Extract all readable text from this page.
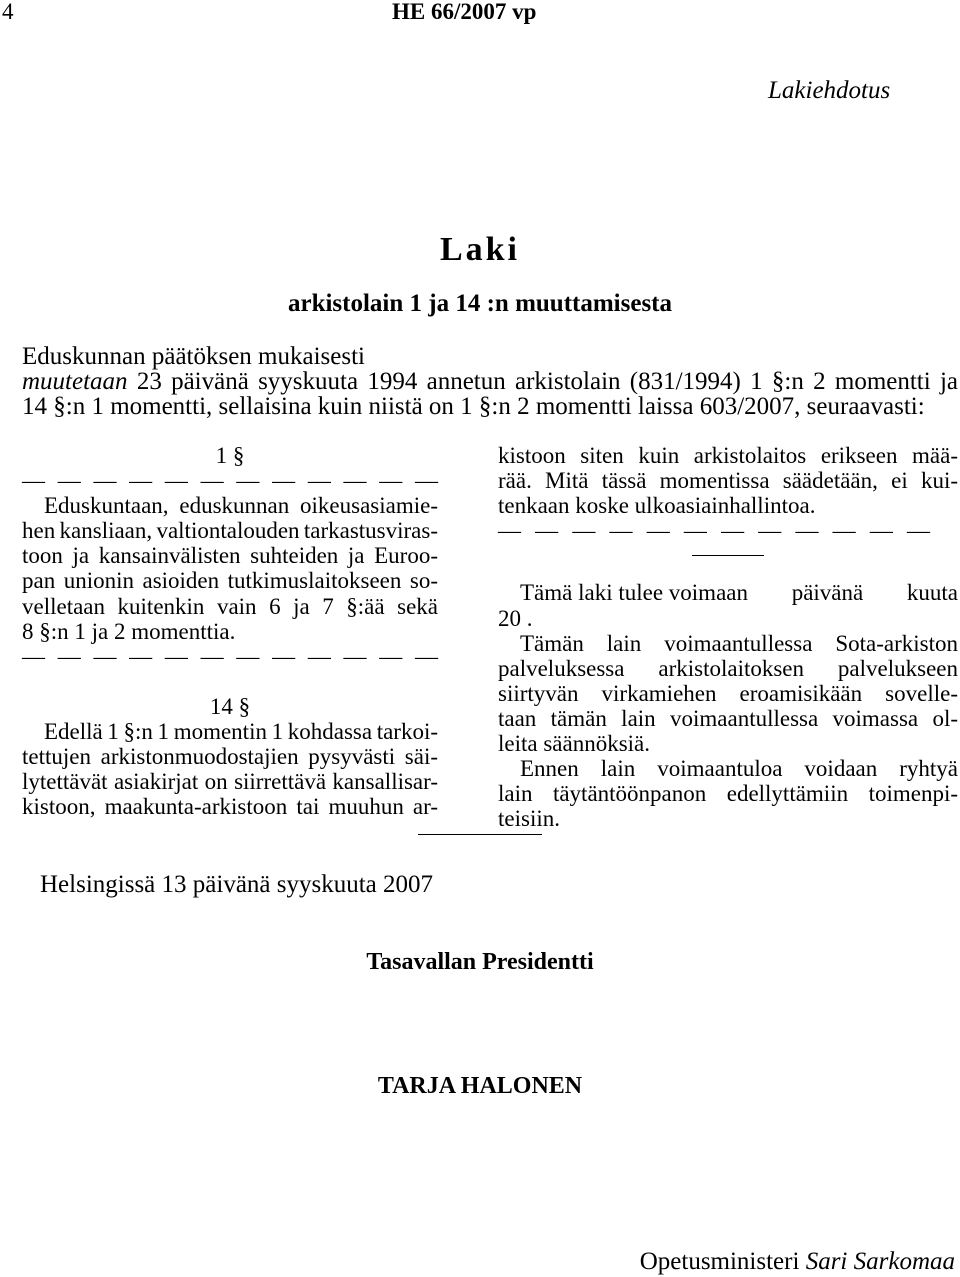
4	HE 66/2007 vp
Lakiehdotus
Laki
arkistolain 1 ja 14 :n muuttamisesta
Eduskunnan päätöksen mukaisesti
muutetaan 23 päivänä syyskuuta 1994 annetun arkistolain (831/1994) 1 §:n 2 momentti ja
14 §:n 1 momentti, sellaisina kuin niistä on 1 §:n 2 momentti laissa 603/2007, seuraavasti:
1 §
— — — — — — — — — — — —
Eduskuntaan, eduskunnan oikeusasiamie-
hen kansliaan, valtiontalouden tarkastusviras-
toon ja kansainvälisten suhteiden ja Euroo-
pan unionin asioiden tutkimuslaitokseen so-
velletaan kuitenkin vain 6 ja 7 §:ää sekä
8 §:n 1 ja 2 momenttia.
— — — — — — — — — — — —
14 §
Edellä 1 §:n 1 momentin 1 kohdassa tarkoi-
tettujen arkistonmuodostajien pysyvästi säi-
lytettävät asiakirjat on siirrettävä kansallisar-
kistoon, maakunta-arkistoon tai muuhun ar-
kistoon siten kuin arkistolaitos erikseen mää-
rää. Mitä tässä momentissa säädetään, ei kui-
tenkaan koske ulkoasiainhallintoa.
— — — — — — — — — — — —
Tämä laki tulee voimaan päivänä kuuta
20 .
Tämän lain voimaantullessa Sota-arkiston
palveluksessa arkistolaitoksen palvelukseen
siirtyvän virkamiehen eroamisikään sovelle-
taan tämän lain voimaantullessa voimassa ol-
leita säännöksiä.
Ennen lain voimaantuloa voidaan ryhtyä
lain täytäntöönpanon edellyttämiin toimenpi-
teisiin.
Helsingissä 13 päivänä syyskuuta 2007
Tasavallan Presidentti
TARJA HALONEN
Opetusministeri Sari Sarkomaa
